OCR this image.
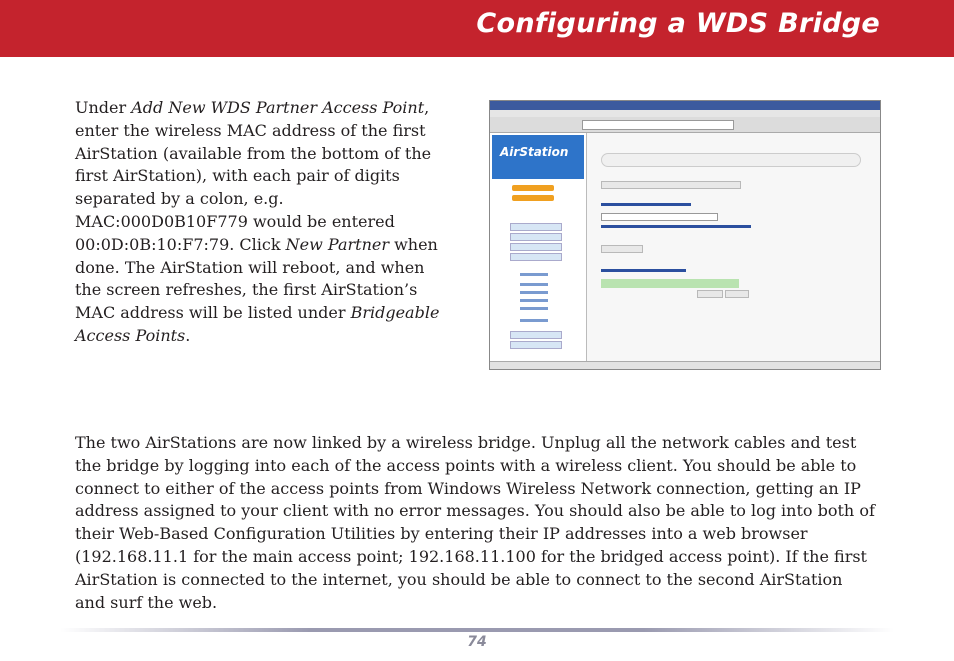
Configuring a WDS Bridge
Under Add New WDS Partner Access Point, enter the wireless MAC address of the first AirStation (available from the bottom of the first AirStation), with each pair of digits separated by a colon, e.g. MAC:000D0B10F779 would be entered 00:0D:0B:10:F7:79. Click New Partner when done. The AirStation will reboot, and when the screen refreshes, the first AirStation’s MAC address will be listed under Bridgeable Access Points.
AirStation
The two AirStations are now linked by a wireless bridge. Unplug all the network cables and test the bridge by logging into each of the access points with a wireless client. You should be able to connect to either of the access points from Windows Wireless Network connection, getting an IP address assigned to your client with no error messages. You should also be able to log into both of their Web-Based Configuration Utilities by entering their IP addresses into a web browser (192.168.11.1 for the main access point; 192.168.11.100 for the bridged access point). If the first AirStation is connected to the internet, you should be able to connect to the second AirStation and surf the web.
74
